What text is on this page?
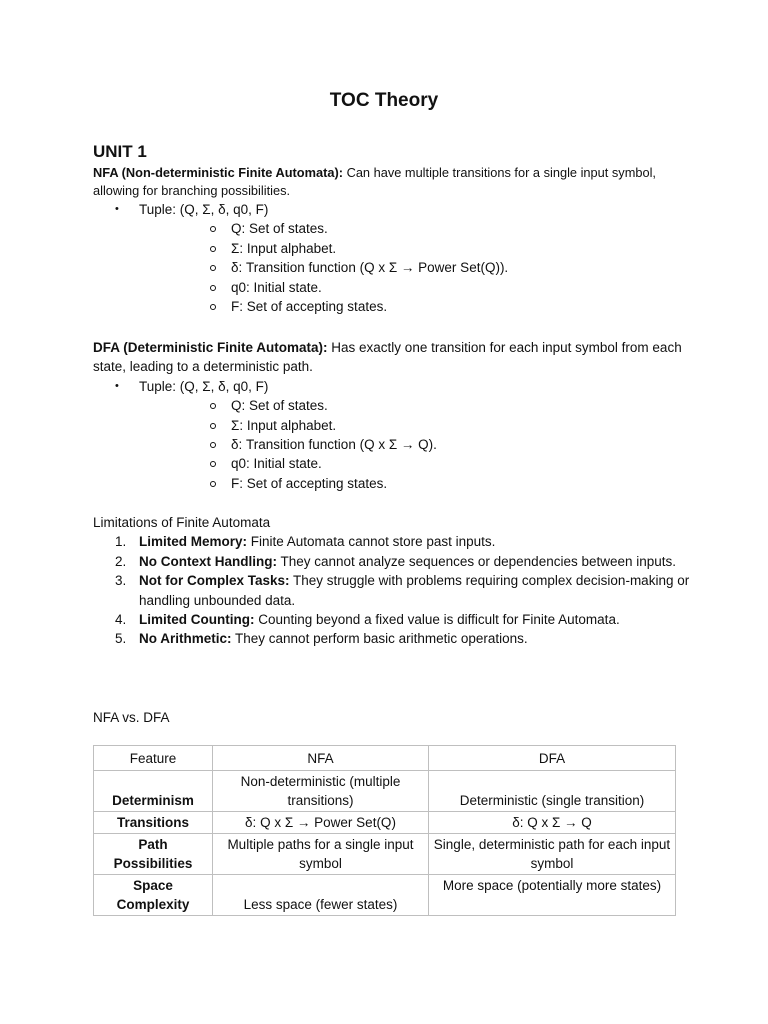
TOC Theory
UNIT 1

NFA (Non-deterministic Finite Automata): Can have multiple transitions for a single input symbol, allowing for branching possibilities.

• Tuple: (Q, Σ, δ, q0, F)
Q: Set of states.
Σ: Input alphabet.
δ: Transition function (Q x Σ → Power Set(Q)).
q0: Initial state.
F: Set of accepting states.

DFA (Deterministic Finite Automata): Has exactly one transition for each input symbol from each state, leading to a deterministic path.

• Tuple: (Q, Σ, δ, q0, F)
Q: Set of states.
Σ: Input alphabet.
δ: Transition function (Q x Σ → Q).
q0: Initial state.
F: Set of accepting states.

Limitations of Finite Automata

1. Limited Memory: Finite Automata cannot store past inputs.
2. No Context Handling: They cannot analyze sequences or dependencies between inputs.
3. Not for Complex Tasks: They struggle with problems requiring complex decision-making or handling unbounded data.
4. Limited Counting: Counting beyond a fixed value is difficult for Finite Automata.
5. No Arithmetic: They cannot perform basic arithmetic operations.

NFA vs. DFA

Feature	NFA	DFA
Determinism	Non-deterministic (multiple transitions)	Deterministic (single transition)
Transitions	δ: Q x Σ → Power Set(Q)	δ: Q x Σ → Q
Path Possibilities	Multiple paths for a single input symbol	Single, deterministic path for each input symbol
Space Complexity	Less space (fewer states)	More space (potentially more states)
